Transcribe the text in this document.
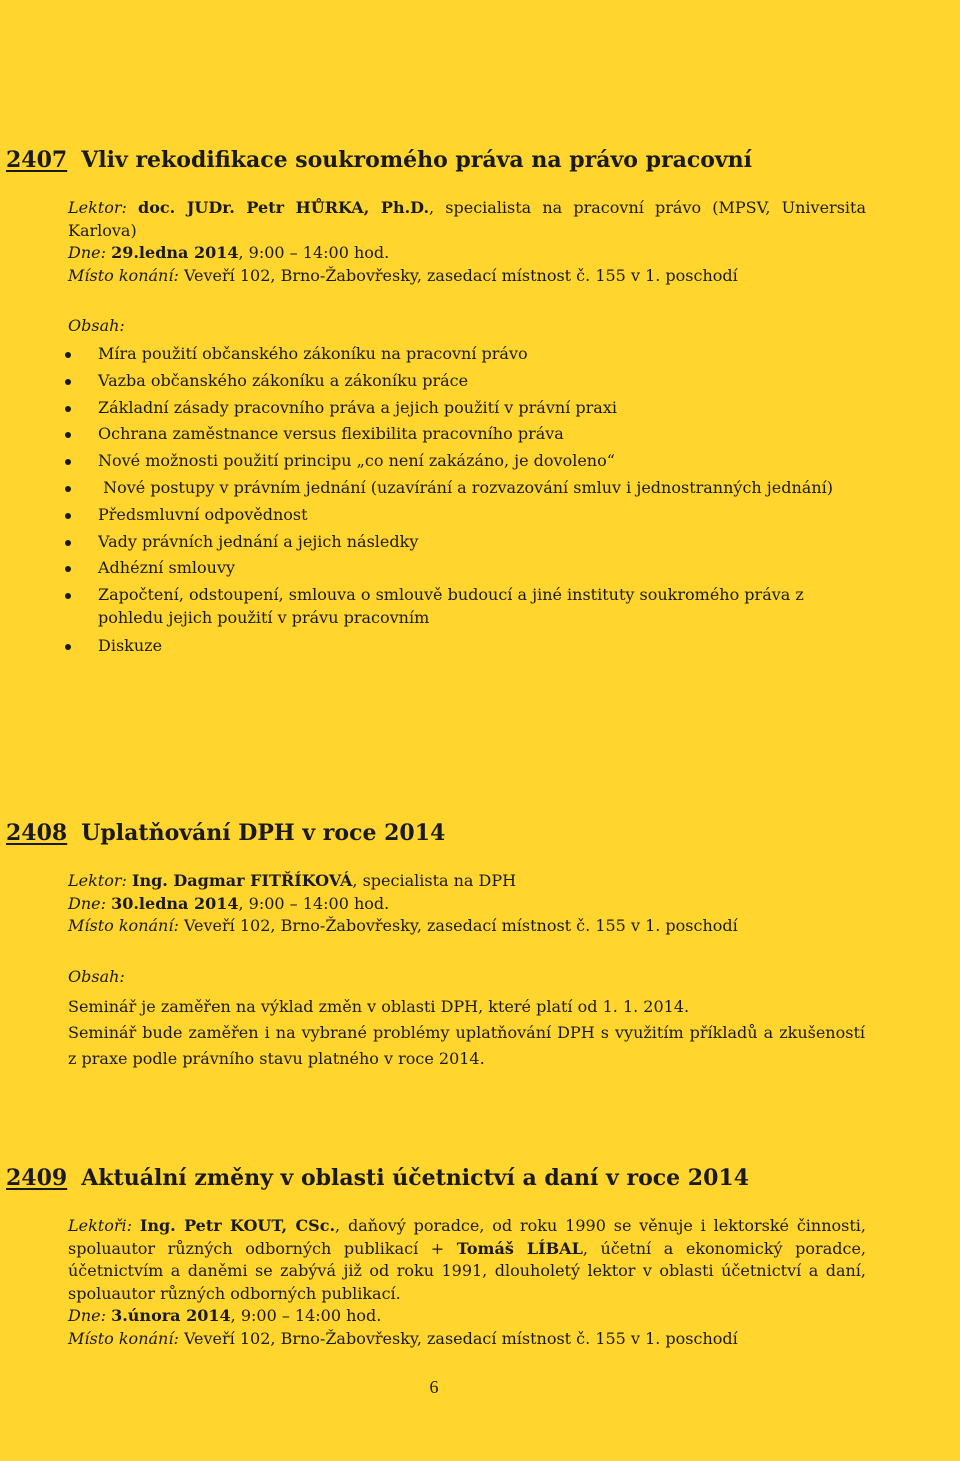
2407 Vliv rekodifikace soukromého práva na právo pracovní

Lektor: doc. JUDr. Petr HŮRKA, Ph.D., specialista na pracovní právo (MPSV, Universita Karlova)

Dne: 29.ledna 2014, 9:00 – 14:00 hod.

Místo konání: Veveří 102, Brno-Žabovřesky, zasedací místnost č. 155 v 1. poschodí

Obsah:
Míra použití občanského zákoníku na pracovní právo
Vazba občanského zákoníku a zákoníku práce
Základní zásady pracovního práva a jejich použití v právní praxi
Ochrana zaměstnance versus flexibilita pracovního práva
Nové možnosti použití principu „co není zakázáno, je dovoleno“
Nové postupy v právním jednání (uzavírání a rozvazování smluv i jednostranných jednání)
Předsmluvní odpovědnost
Vady právních jednání a jejich následky
Adhézní smlouvy
Započtení, odstoupení, smlouva o smlouvě budoucí a jiné instituty soukromého práva z pohledu jejich použití v právu pracovním
Diskuze
2408 Uplatňování DPH v roce 2014

Lektor: Ing. Dagmar FITŘÍKOVÁ, specialista na DPH

Dne: 30.ledna 2014, 9:00 – 14:00 hod.

Místo konání: Veveří 102, Brno-Žabovřesky, zasedací místnost č. 155 v 1. poschodí

Obsah:

Seminář je zaměřen na výklad změn v oblasti DPH, které platí od 1. 1. 2014.

Seminář bude zaměřen i na vybrané problémy uplatňování DPH s využitím příkladů a zkušeností z praxe podle právního stavu platného v roce 2014.

2409 Aktuální změny v oblasti účetnictví a daní v roce 2014

Lektoři: Ing. Petr KOUT, CSc., daňový poradce, od roku 1990 se věnuje i lektorské činnosti, spoluautor různých odborných publikací + Tomáš LÍBAL, účetní a ekonomický poradce, účetnictvím a daněmi se zabývá již od roku 1991, dlouholetý lektor v oblasti účetnictví a daní, spoluautor různých odborných publikací.

Dne: 3.února 2014, 9:00 – 14:00 hod.

Místo konání: Veveří 102, Brno-Žabovřesky, zasedací místnost č. 155 v 1. poschodí

6
